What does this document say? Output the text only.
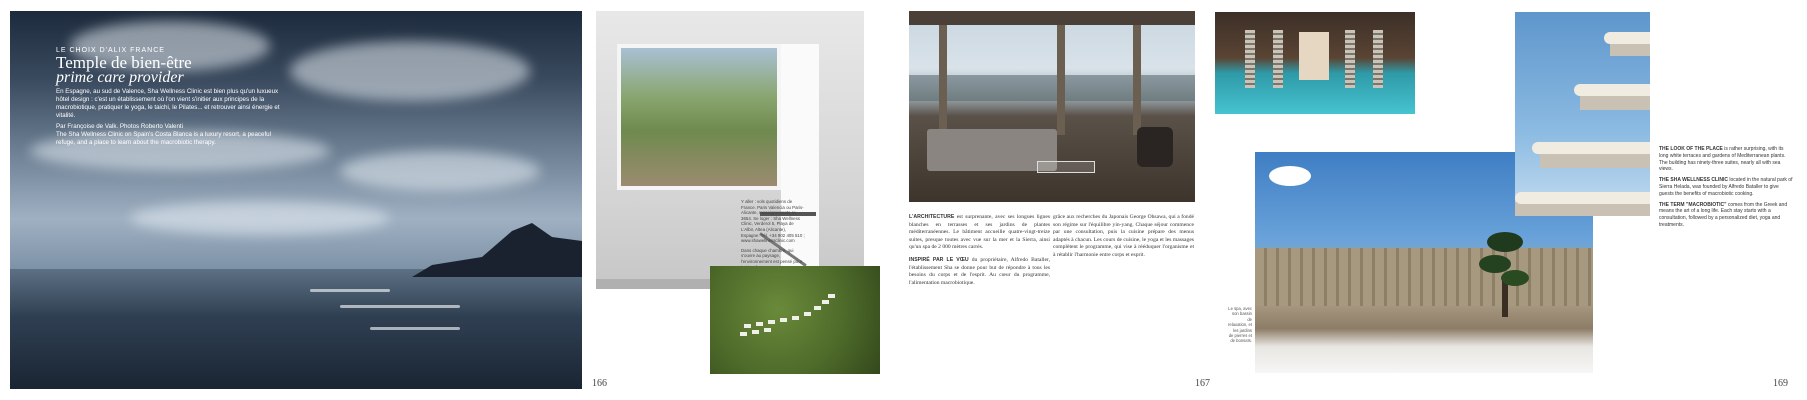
LE CHOIX D'ALIX FRANCE
Temple de bien-être
prime care provider
En Espagne, au sud de Valence, Sha Wellness Clinic est bien plus qu'un luxueux hôtel design : c'est un établissement où l'on vient s'initier aux principes de la macrobiotique, pratiquer le yoga, le taichi, le Pilates... et retrouver ainsi énergie et vitalité.
Par Françoise de Valk. Photos Roberto Valenti
The Sha Wellness Clinic on Spain's Costa Blanca is a luxury resort, a peaceful refuge, and a place to learn about the macrobiotic therapy.
Y aller : vols quotidiens de France. Paris Valencia ou Paris-Alicante, renseignements au 3654. Se loger : Sha Wellness Clinic, Verderol 5, Playa de L'Albir, Altea (Alicante), Espagne. Tél. +34 902 405 510 ; www.shawellnessclinic.com
Dans chaque chambre, qui s'ouvre au paysage, l'environnement est pensé pour
166
L'ARCHITECTURE est surprenante, avec ses longues lignes blanches en terrasses et ses jardins de plantes méditerranéennes. Le bâtiment accueille quatre-vingt-treize suites, presque toutes avec vue sur la mer et la Sierra, ainsi qu'un spa de 2 000 mètres carrés.
INSPIRÉ PAR LE VŒU du propriétaire, Alfredo Bataller, l'établissement Sha se donne pour but de répondre à tous les besoins du corps et de l'esprit. Au cœur du programme, l'alimentation macrobiotique.
grâce aux recherches du Japonais George Ohsawa, qui a fondé son régime sur l'équilibre yin-yang. Chaque séjour commence par une consultation, puis la cuisine prépare des menus adaptés à chacun. Les cours de cuisine, le yoga et les massages complètent le programme, qui vise à rééduquer l'organisme et à rétablir l'harmonie entre corps et esprit.
167
Le spa, avec son bassin de relaxation, et les jardins de pierres et de bonsaïs.
THE LOOK OF THE PLACE is rather surprising, with its long white terraces and gardens of Mediterranean plants. The building has ninety-three suites, nearly all with sea views.
THE SHA WELLNESS CLINIC located in the natural park of Sierra Helada, was founded by Alfredo Bataller to give guests the benefits of macrobiotic cooking.
THE TERM "MACROBIOTIC" comes from the Greek and means the art of a long life. Each stay starts with a consultation, followed by a personalized diet, yoga and treatments.
169
